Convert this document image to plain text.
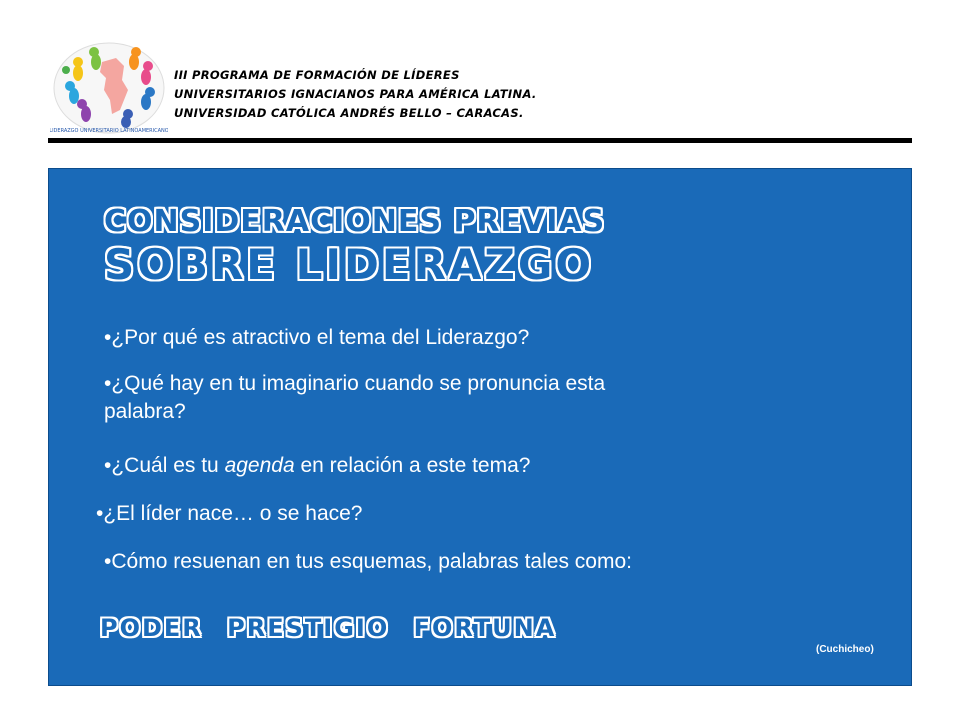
LIDERAZGO UNIVERSITARIO LATINOAMERICANO
III PROGRAMA DE FORMACIÓN DE LÍDERES
UNIVERSITARIOS IGNACIANOS PARA AMÉRICA LATINA.
UNIVERSIDAD CATÓLICA ANDRÉS BELLO – CARACAS.
CONSIDERACIONES PREVIAS
SOBRE LIDERAZGO
•¿Por qué es atractivo el tema del Liderazgo?
•¿Qué hay en tu imaginario cuando se pronuncia esta palabra?
•¿Cuál es tu agenda en relación a este tema?
•¿El líder nace… o se hace?
•Cómo resuenan en tus esquemas, palabras tales como:
PODER PRESTIGIO FORTUNA
(Cuchicheo)
